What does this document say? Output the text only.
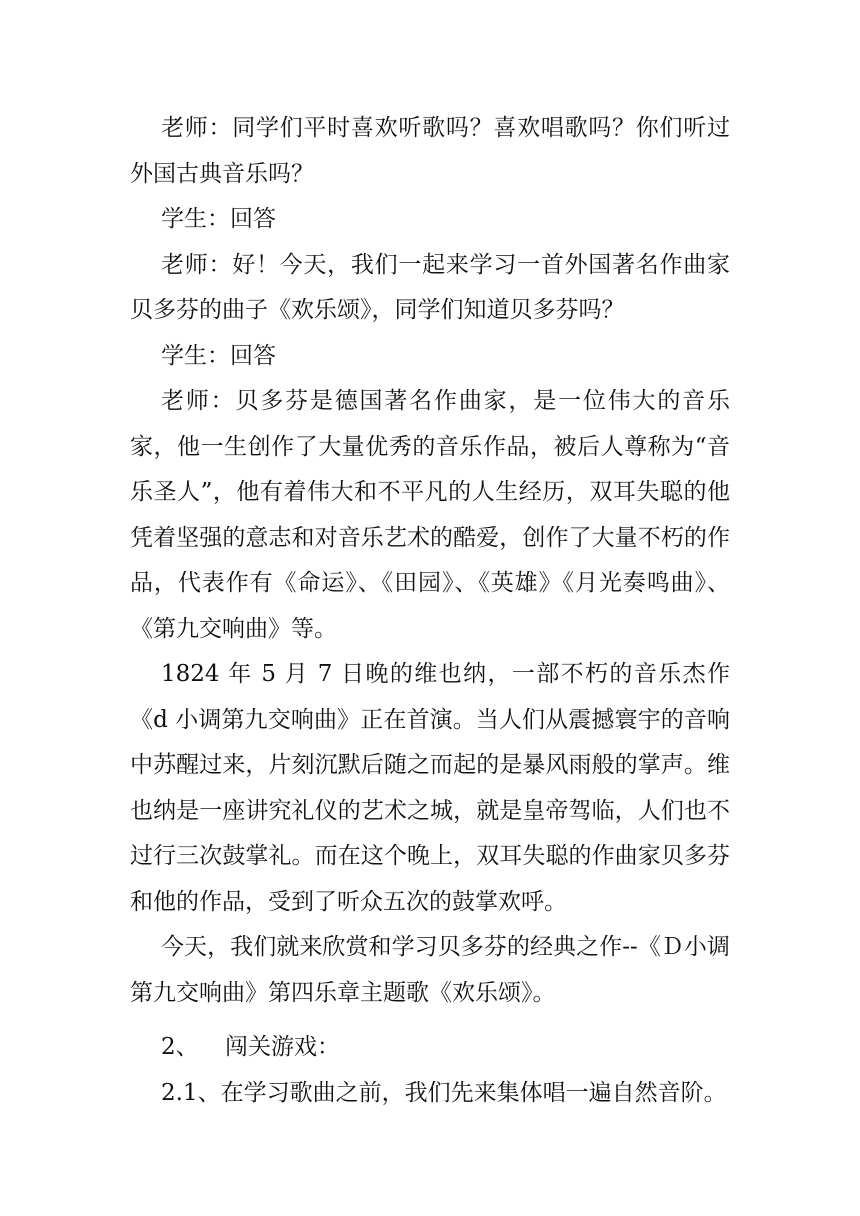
老师：同学们平时喜欢听歌吗？喜欢唱歌吗？你们听过外国古典音乐吗？

学生：回答

老师：好！今天，我们一起来学习一首外国著名作曲家贝多芬的曲子《欢乐颂》，同学们知道贝多芬吗？

学生：回答

老师：贝多芬是德国著名作曲家，是一位伟大的音乐家，他一生创作了大量优秀的音乐作品，被后人尊称为“音乐圣人”，他有着伟大和不平凡的人生经历，双耳失聪的他凭着坚强的意志和对音乐艺术的酷爱，创作了大量不朽的作品，代表作有《命运》、《田园》、《英雄》《月光奏鸣曲》、《第九交响曲》等。

1824 年 5 月 7 日晚的维也纳，一部不朽的音乐杰作《d 小调第九交响曲》正在首演。当人们从震撼寰宇的音响中苏醒过来，片刻沉默后随之而起的是暴风雨般的掌声。维也纳是一座讲究礼仪的艺术之城，就是皇帝驾临，人们也不过行三次鼓掌礼。而在这个晚上，双耳失聪的作曲家贝多芬和他的作品，受到了听众五次的鼓掌欢呼。

今天，我们就来欣赏和学习贝多芬的经典之作--《Ｄ小调第九交响曲》第四乐章主题歌《欢乐颂》。

2、 闯关游戏：

2.1、在学习歌曲之前，我们先来集体唱一遍自然音阶。
